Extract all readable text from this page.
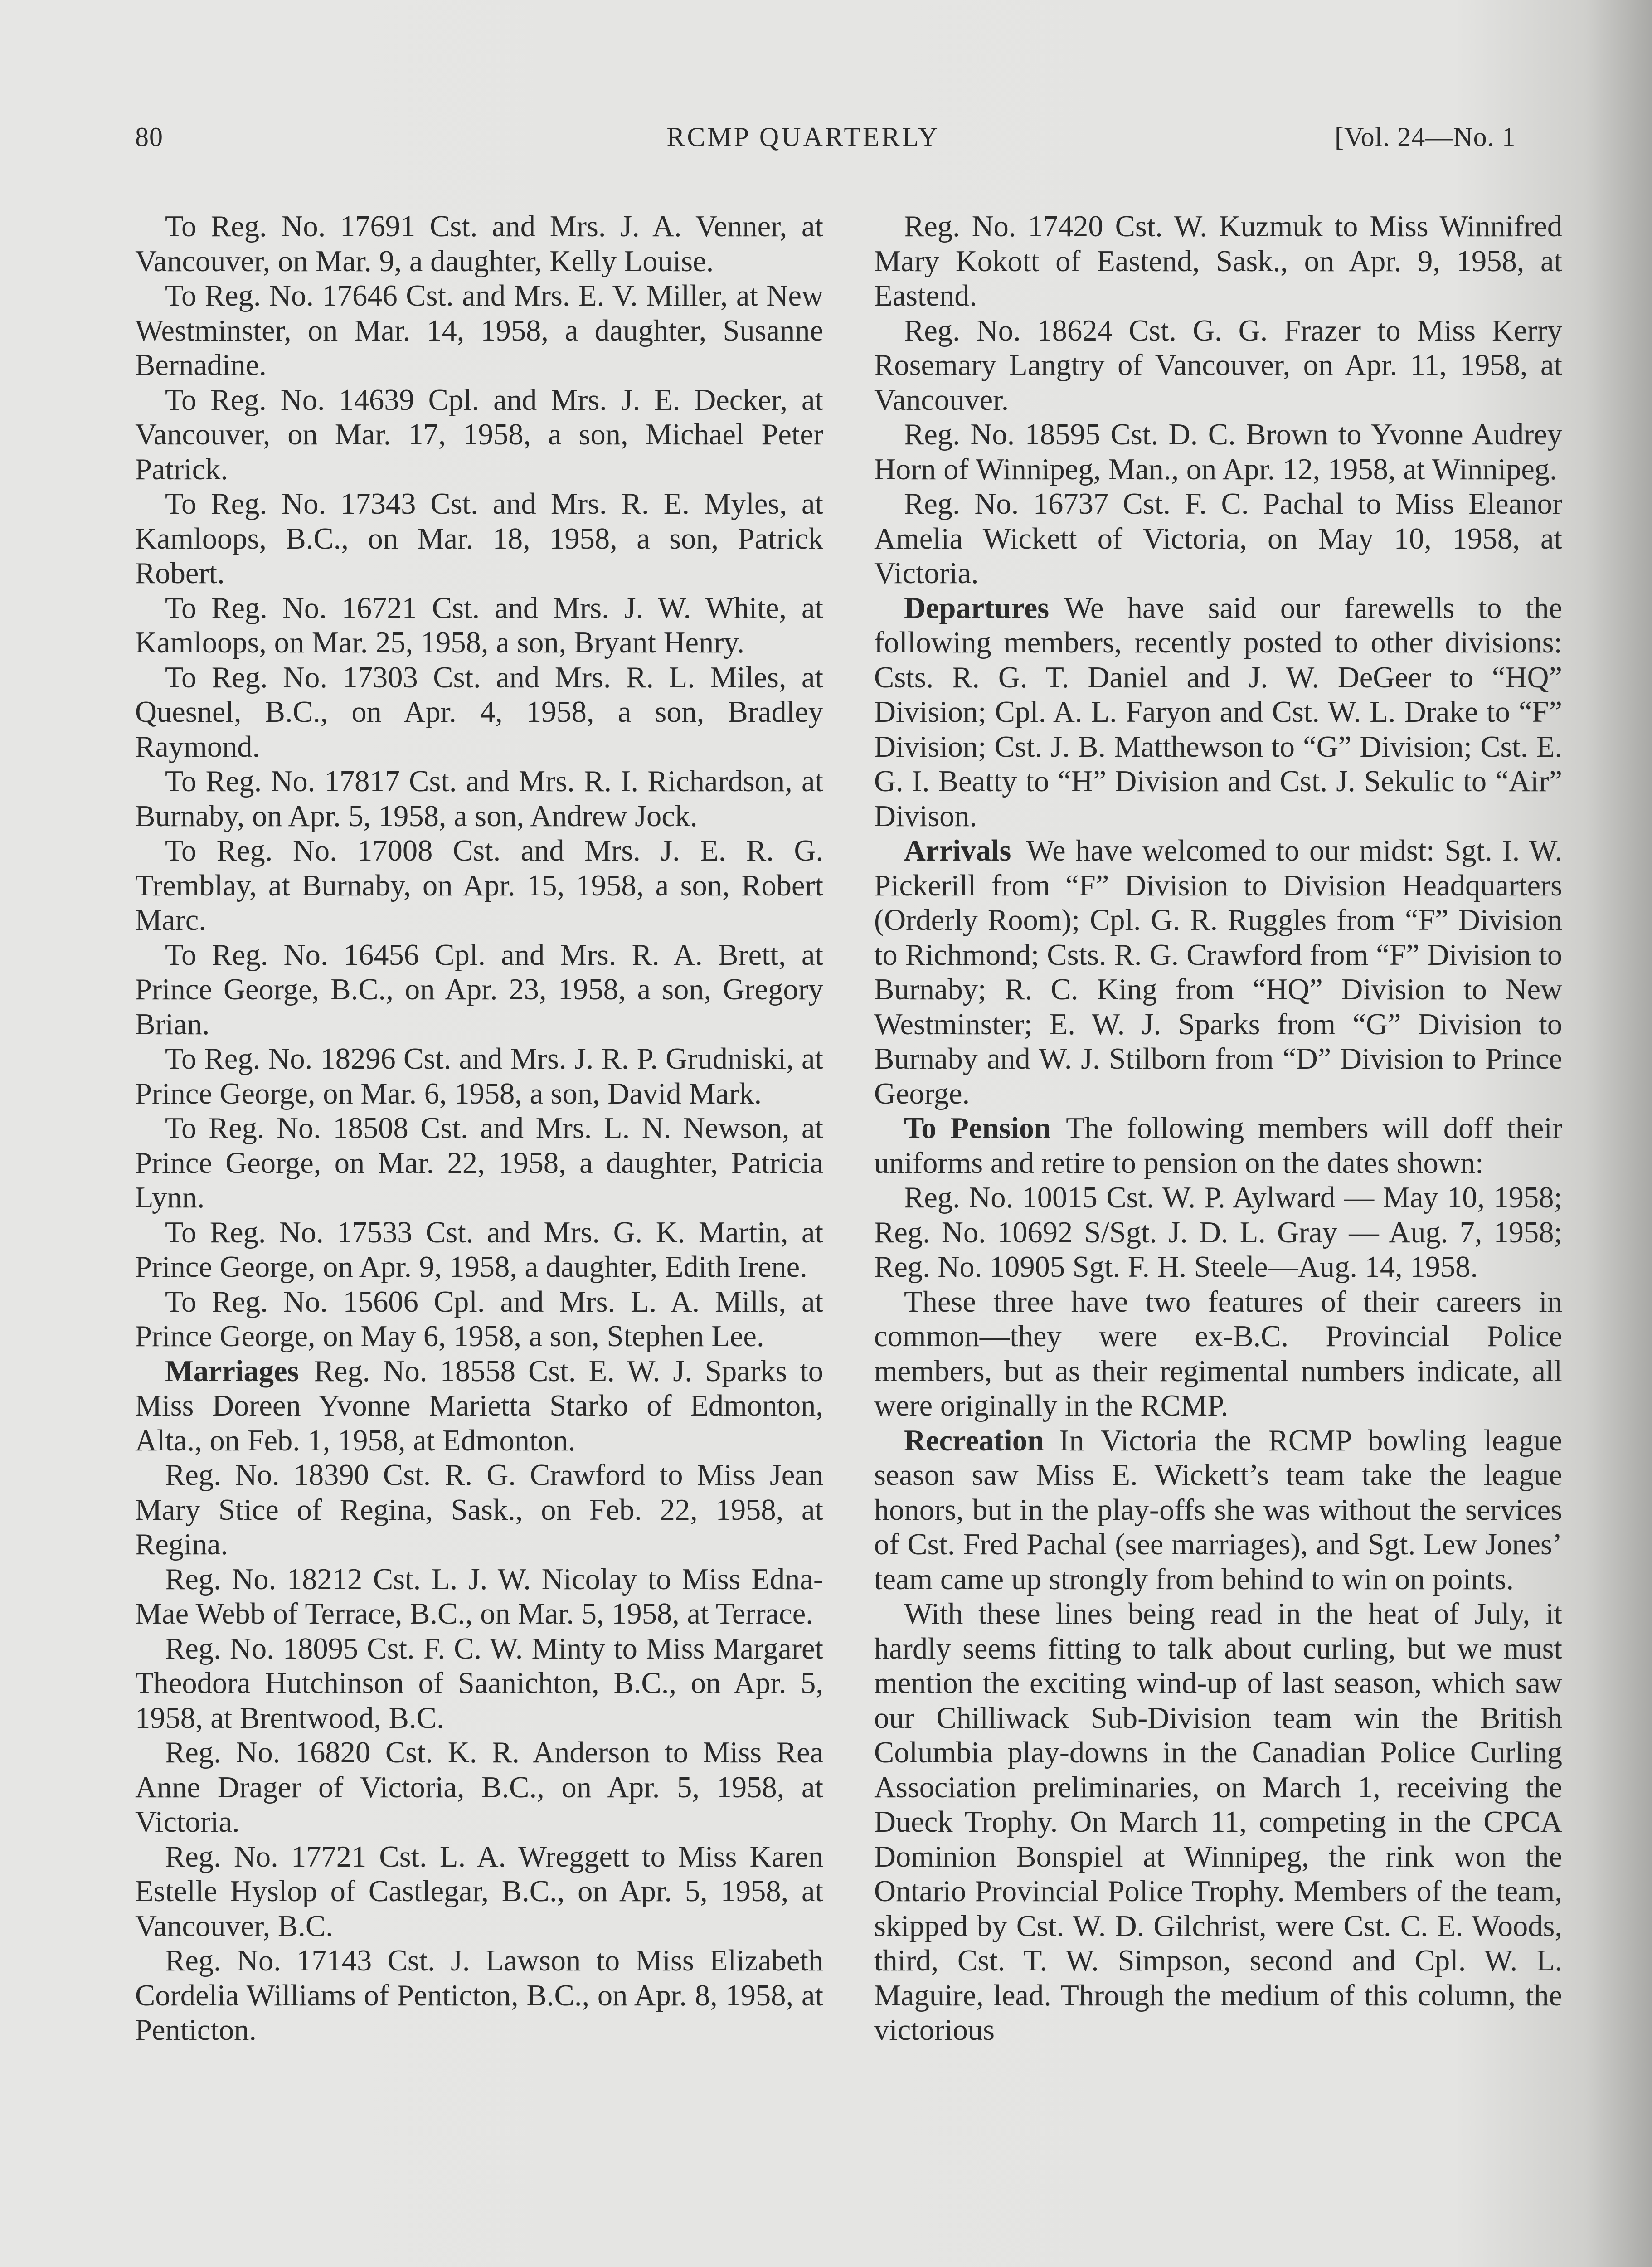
80	RCMP QUARTERLY	[Vol. 24—No. 1

To Reg. No. 17691 Cst. and Mrs. J. A. Venner, at Vancouver, on Mar. 9, a daughter, Kelly Louise.

To Reg. No. 17646 Cst. and Mrs. E. V. Miller, at New Westminster, on Mar. 14, 1958, a daughter, Susanne Bernadine.

To Reg. No. 14639 Cpl. and Mrs. J. E. Decker, at Vancouver, on Mar. 17, 1958, a son, Michael Peter Patrick.

To Reg. No. 17343 Cst. and Mrs. R. E. Myles, at Kamloops, B.C., on Mar. 18, 1958, a son, Patrick Robert.

To Reg. No. 16721 Cst. and Mrs. J. W. White, at Kamloops, on Mar. 25, 1958, a son, Bryant Henry.

To Reg. No. 17303 Cst. and Mrs. R. L. Miles, at Quesnel, B.C., on Apr. 4, 1958, a son, Bradley Raymond.

To Reg. No. 17817 Cst. and Mrs. R. I. Richardson, at Burnaby, on Apr. 5, 1958, a son, Andrew Jock.

To Reg. No. 17008 Cst. and Mrs. J. E. R. G. Tremblay, at Burnaby, on Apr. 15, 1958, a son, Robert Marc.

To Reg. No. 16456 Cpl. and Mrs. R. A. Brett, at Prince George, B.C., on Apr. 23, 1958, a son, Gregory Brian.

To Reg. No. 18296 Cst. and Mrs. J. R. P. Grudniski, at Prince George, on Mar. 6, 1958, a son, David Mark.

To Reg. No. 18508 Cst. and Mrs. L. N. Newson, at Prince George, on Mar. 22, 1958, a daughter, Patricia Lynn.

To Reg. No. 17533 Cst. and Mrs. G. K. Martin, at Prince George, on Apr. 9, 1958, a daughter, Edith Irene.

To Reg. No. 15606 Cpl. and Mrs. L. A. Mills, at Prince George, on May 6, 1958, a son, Stephen Lee.

Marriages  Reg. No. 18558 Cst. E. W. J. Sparks to Miss Doreen Yvonne Marietta Starko of Edmonton, Alta., on Feb. 1, 1958, at Edmonton.

Reg. No. 18390 Cst. R. G. Crawford to Miss Jean Mary Stice of Regina, Sask., on Feb. 22, 1958, at Regina.

Reg. No. 18212 Cst. L. J. W. Nicolay to Miss Edna-Mae Webb of Terrace, B.C., on Mar. 5, 1958, at Terrace.

Reg. No. 18095 Cst. F. C. W. Minty to Miss Margaret Theodora Hutchinson of Saanichton, B.C., on Apr. 5, 1958, at Brentwood, B.C.

Reg. No. 16820 Cst. K. R. Anderson to Miss Rea Anne Drager of Victoria, B.C., on Apr. 5, 1958, at Victoria.

Reg. No. 17721 Cst. L. A. Wreggett to Miss Karen Estelle Hyslop of Castlegar, B.C., on Apr. 5, 1958, at Vancouver, B.C.

Reg. No. 17143 Cst. J. Lawson to Miss Elizabeth Cordelia Williams of Penticton, B.C., on Apr. 8, 1958, at Penticton.

Reg. No. 17420 Cst. W. Kuzmuk to Miss Winnifred Mary Kokott of Eastend, Sask., on Apr. 9, 1958, at Eastend.

Reg. No. 18624 Cst. G. G. Frazer to Miss Kerry Rosemary Langtry of Vancouver, on Apr. 11, 1958, at Vancouver.

Reg. No. 18595 Cst. D. C. Brown to Yvonne Audrey Horn of Winnipeg, Man., on Apr. 12, 1958, at Winnipeg.

Reg. No. 16737 Cst. F. C. Pachal to Miss Eleanor Amelia Wickett of Victoria, on May 10, 1958, at Victoria.

Departures  We have said our farewells to the following members, recently posted to other divisions: Csts. R. G. T. Daniel and J. W. DeGeer to “HQ” Division; Cpl. A. L. Faryon and Cst. W. L. Drake to “F” Division; Cst. J. B. Matthewson to “G” Division; Cst. E. G. I. Beatty to “H” Division and Cst. J. Sekulic to “Air” Divison.

Arrivals  We have welcomed to our midst: Sgt. I. W. Pickerill from “F” Division to Division Headquarters (Orderly Room); Cpl. G. R. Ruggles from “F” Division to Richmond; Csts. R. G. Crawford from “F” Division to Burnaby; R. C. King from “HQ” Division to New Westminster; E. W. J. Sparks from “G” Division to Burnaby and W. J. Stilborn from “D” Division to Prince George.

To Pension  The following members will doff their uniforms and retire to pension on the dates shown:

Reg. No. 10015 Cst. W. P. Aylward — May 10, 1958; Reg. No. 10692 S/Sgt. J. D. L. Gray — Aug. 7, 1958; Reg. No. 10905 Sgt. F. H. Steele—Aug. 14, 1958.

These three have two features of their careers in common—they were ex-B.C. Provincial Police members, but as their regimental numbers indicate, all were originally in the RCMP.

Recreation  In Victoria the RCMP bowling league season saw Miss E. Wickett’s team take the league honors, but in the play-offs she was without the services of Cst. Fred Pachal (see marriages), and Sgt. Lew Jones’ team came up strongly from behind to win on points.

With these lines being read in the heat of July, it hardly seems fitting to talk about curling, but we must mention the exciting wind-up of last season, which saw our Chilliwack Sub-Division team win the British Columbia play-downs in the Canadian Police Curling Association preliminaries, on March 1, receiving the Dueck Trophy. On March 11, competing in the CPCA Dominion Bonspiel at Winnipeg, the rink won the Ontario Provincial Police Trophy. Members of the team, skipped by Cst. W. D. Gilchrist, were Cst. C. E. Woods, third, Cst. T. W. Simpson, second and Cpl. W. L. Maguire, lead. Through the medium of this column, the victorious
